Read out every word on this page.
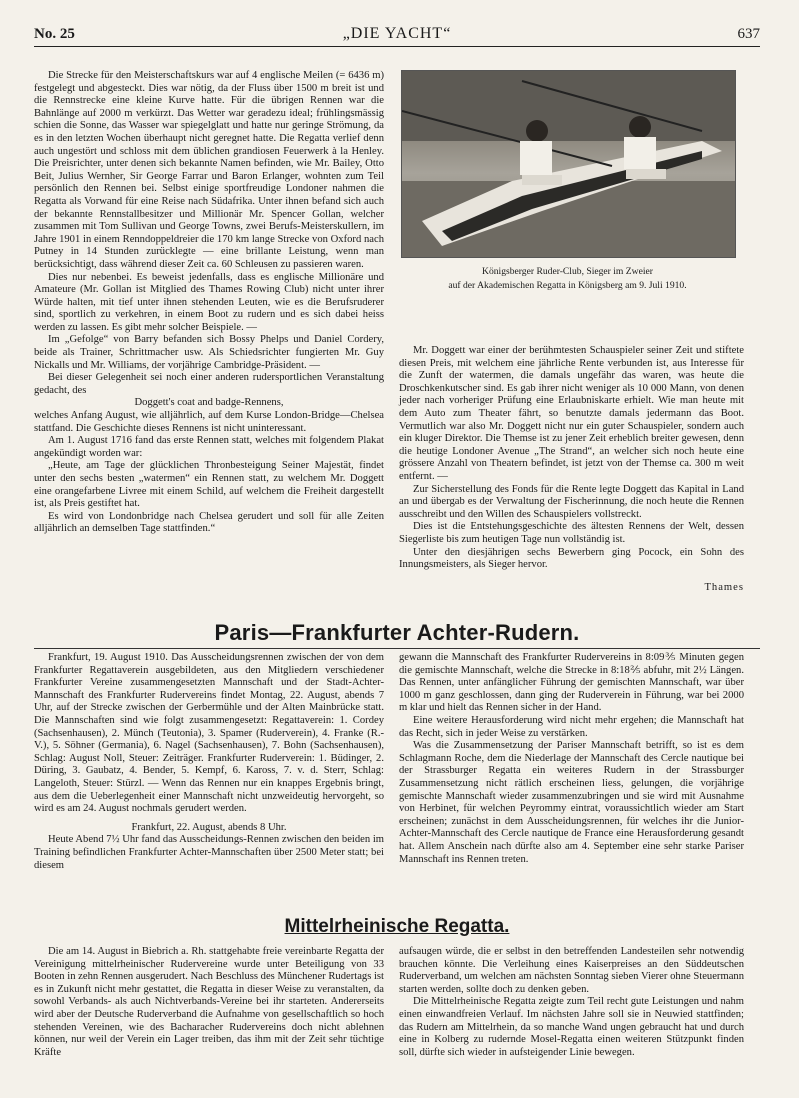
No. 25	„DIE YACHT“	637

Die Strecke für den Meisterschaftskurs war auf 4 englische Meilen (= 6436 m) festgelegt und abgesteckt. Dies war nötig, da der Fluss über 1500 m breit ist und die Rennstrecke eine kleine Kurve hatte. Für die übrigen Rennen war die Bahnlänge auf 2000 m verkürzt. Das Wetter war geradezu ideal; frühlingsmässig schien die Sonne, das Wasser war spiegelglatt und hatte nur geringe Strömung, da es in den letzten Wochen überhaupt nicht geregnet hatte. Die Regatta verlief denn auch ungestört und schloss mit dem üblichen grandiosen Feuerwerk à la Henley. Die Preisrichter, unter denen sich bekannte Namen befinden, wie Mr. Bailey, Otto Beit, Julius Wernher, Sir George Farrar und Baron Erlanger, wohnten zum Teil persönlich den Rennen bei. Selbst einige sportfreudige Londoner nahmen die Regatta als Vorwand für eine Reise nach Südafrika. Unter ihnen befand sich auch der bekannte Rennstallbesitzer und Millionär Mr. Spencer Gollan, welcher zusammen mit Tom Sullivan und George Towns, zwei Berufs-Meisterskullern, im Jahre 1901 in einem Renndoppeldreier die 170 km lange Strecke von Oxford nach Putney in 14 Stunden zurücklegte — eine brillante Leistung, wenn man berücksichtigt, dass während dieser Zeit ca. 60 Schleusen zu passieren waren.

Dies nur nebenbei. Es beweist jedenfalls, dass es englische Millionäre und Amateure (Mr. Gollan ist Mitglied des Thames Rowing Club) nicht unter ihrer Würde halten, mit tief unter ihnen stehenden Leuten, wie es die Berufsruderer sind, sportlich zu verkehren, in einem Boot zu rudern und es sich dabei heiss werden zu lassen. Es gibt mehr solcher Beispiele. —

Im „Gefolge“ von Barry befanden sich Bossy Phelps und Daniel Cordery, beide als Trainer, Schrittmacher usw. Als Schiedsrichter fungierten Mr. Guy Nickalls und Mr. Williams, der vorjährige Cambridge-Präsident. —

Bei dieser Gelegenheit sei noch einer anderen rudersportlichen Veranstaltung gedacht, des

Doggett's coat and badge-Rennens,

welches Anfang August, wie alljährlich, auf dem Kurse London-Bridge—Chelsea stattfand. Die Geschichte dieses Rennens ist nicht uninteressant.

Am 1. August 1716 fand das erste Rennen statt, welches mit folgendem Plakat angekündigt worden war:

„Heute, am Tage der glücklichen Thronbesteigung Seiner Majestät, findet unter den sechs besten „watermen“ ein Rennen statt, zu welchem Mr. Doggett eine orangefarbene Livree mit einem Schild, auf welchem die Freiheit dargestellt ist, als Preis gestiftet hat.

Es wird von Londonbridge nach Chelsea gerudert und soll für alle Zeiten alljährlich an demselben Tage stattfinden.“

Königsberger Ruder-Club, Sieger im Zweier
auf der Akademischen Regatta in Königsberg am 9. Juli 1910.

Mr. Doggett war einer der berühmtesten Schauspieler seiner Zeit und stiftete diesen Preis, mit welchem eine jährliche Rente verbunden ist, aus Interesse für die Zunft der watermen, die damals ungefähr das waren, was heute die Droschkenkutscher sind. Es gab ihrer nicht weniger als 10 000 Mann, von denen jeder nach vorheriger Prüfung eine Erlaubniskarte erhielt. Wie man heute mit dem Auto zum Theater fährt, so benutzte damals jedermann das Boot. Vermutlich war also Mr. Doggett nicht nur ein guter Schauspieler, sondern auch ein kluger Direktor. Die Themse ist zu jener Zeit erheblich breiter gewesen, denn die heutige Londoner Avenue „The Strand“, an welcher sich noch heute eine grössere Anzahl von Theatern befindet, ist jetzt von der Themse ca. 300 m weit entfernt. —

Zur Sicherstellung des Fonds für die Rente legte Doggett das Kapital in Land an und übergab es der Verwaltung der Fischerinnung, die noch heute die Rennen ausschreibt und den Willen des Schauspielers vollstreckt.

Dies ist die Entstehungsgeschichte des ältesten Rennens der Welt, dessen Siegerliste bis zum heutigen Tage nun vollständig ist.

Unter den diesjährigen sechs Bewerbern ging Pocock, ein Sohn des Innungsmeisters, als Sieger hervor.

Thames

Paris—Frankfurter Achter-Rudern.

Frankfurt, 19. August 1910. Das Ausscheidungsrennen zwischen der von dem Frankfurter Regattaverein ausgebildeten, aus den Mitgliedern verschiedener Frankfurter Vereine zusammengesetzten Mannschaft und der Stadt-Achter-Mannschaft des Frankfurter Rudervereins findet Montag, 22. August, abends 7 Uhr, auf der Strecke zwischen der Gerbermühle und der Alten Mainbrücke statt. Die Mannschaften sind wie folgt zusammengesetzt: Regattaverein: 1. Cordey (Sachsenhausen), 2. Münch (Teutonia), 3. Spamer (Ruderverein), 4. Franke (R.-V.), 5. Söhner (Germania), 6. Nagel (Sachsenhausen), 7. Bohn (Sachsenhausen), Schlag: August Noll, Steuer: Zeiträger. Frankfurter Ruderverein: 1. Büdinger, 2. Düring, 3. Gaubatz, 4. Bender, 5. Kempf, 6. Kaross, 7. v. d. Sterr, Schlag: Langeloth, Steuer: Stürzl. — Wenn das Rennen nur ein knappes Ergebnis bringt, aus dem die Ueberlegenheit einer Mannschaft nicht unzweideutig hervorgeht, so wird es am 24. August nochmals gerudert werden.

Frankfurt, 22. August, abends 8 Uhr.

Heute Abend 7½ Uhr fand das Ausscheidungs-Rennen zwischen den beiden im Training befindlichen Frankfurter Achter-Mannschaften über 2500 Meter statt; bei diesem

gewann die Mannschaft des Frankfurter Rudervereins in 8:09⅗ Minuten gegen die gemischte Mannschaft, welche die Strecke in 8:18⅖ abfuhr, mit 2½ Längen. Das Rennen, unter anfänglicher Führung der gemischten Mannschaft, war über 1000 m ganz geschlossen, dann ging der Ruderverein in Führung, war bei 2000 m klar und hielt das Rennen sicher in der Hand.

Eine weitere Herausforderung wird nicht mehr ergehen; die Mannschaft hat das Recht, sich in jeder Weise zu verstärken.

Was die Zusammensetzung der Pariser Mannschaft betrifft, so ist es dem Schlagmann Roche, dem die Niederlage der Mannschaft des Cercle nautique bei der Strassburger Regatta ein weiteres Rudern in der Strassburger Zusammensetzung nicht rätlich erscheinen liess, gelungen, die vorjährige gemischte Mannschaft wieder zusammenzubringen und sie wird mit Ausnahme von Herbinet, für welchen Peyrommy eintrat, voraussichtlich wieder am Start erscheinen; zunächst in dem Ausscheidungsrennen, für welches ihr die Junior-Achter-Mannschaft des Cercle nautique de France eine Herausforderung gesandt hat. Allem Anschein nach dürfte also am 4. September eine sehr starke Pariser Mannschaft ins Rennen treten.

Mittelrheinische Regatta.

Die am 14. August in Biebrich a. Rh. stattgehabte freie vereinbarte Regatta der Vereinigung mittelrheinischer Rudervereine wurde unter Beteiligung von 33 Booten in zehn Rennen ausgerudert. Nach Beschluss des Münchener Rudertags ist es in Zukunft nicht mehr gestattet, die Regatta in dieser Weise zu veranstalten, da sowohl Verbands- als auch Nichtverbands-Vereine bei ihr starteten. Andererseits wird aber der Deutsche Ruderverband die Aufnahme von gesellschaftlich so hoch stehenden Vereinen, wie des Bacharacher Rudervereins doch nicht ablehnen können, nur weil der Verein ein Lager treiben, das ihm mit der Zeit sehr tüchtige Kräfte

aufsaugen würde, die er selbst in den betreffenden Landesteilen sehr notwendig brauchen könnte. Die Verleihung eines Kaiserpreises an den Süddeutschen Ruderverband, um welchen am nächsten Sonntag sieben Vierer ohne Steuermann starten werden, sollte doch zu denken geben.

Die Mittelrheinische Regatta zeigte zum Teil recht gute Leistungen und nahm einen einwandfreien Verlauf. Im nächsten Jahre soll sie in Neuwied stattfinden; das Rudern am Mittelrhein, da so manche Wand ungen gebraucht hat und durch eine in Kolberg zu rudernde Mosel-Regatta einen weiteren Stützpunkt finden soll, dürfte sich wieder in aufsteigender Linie bewegen.
